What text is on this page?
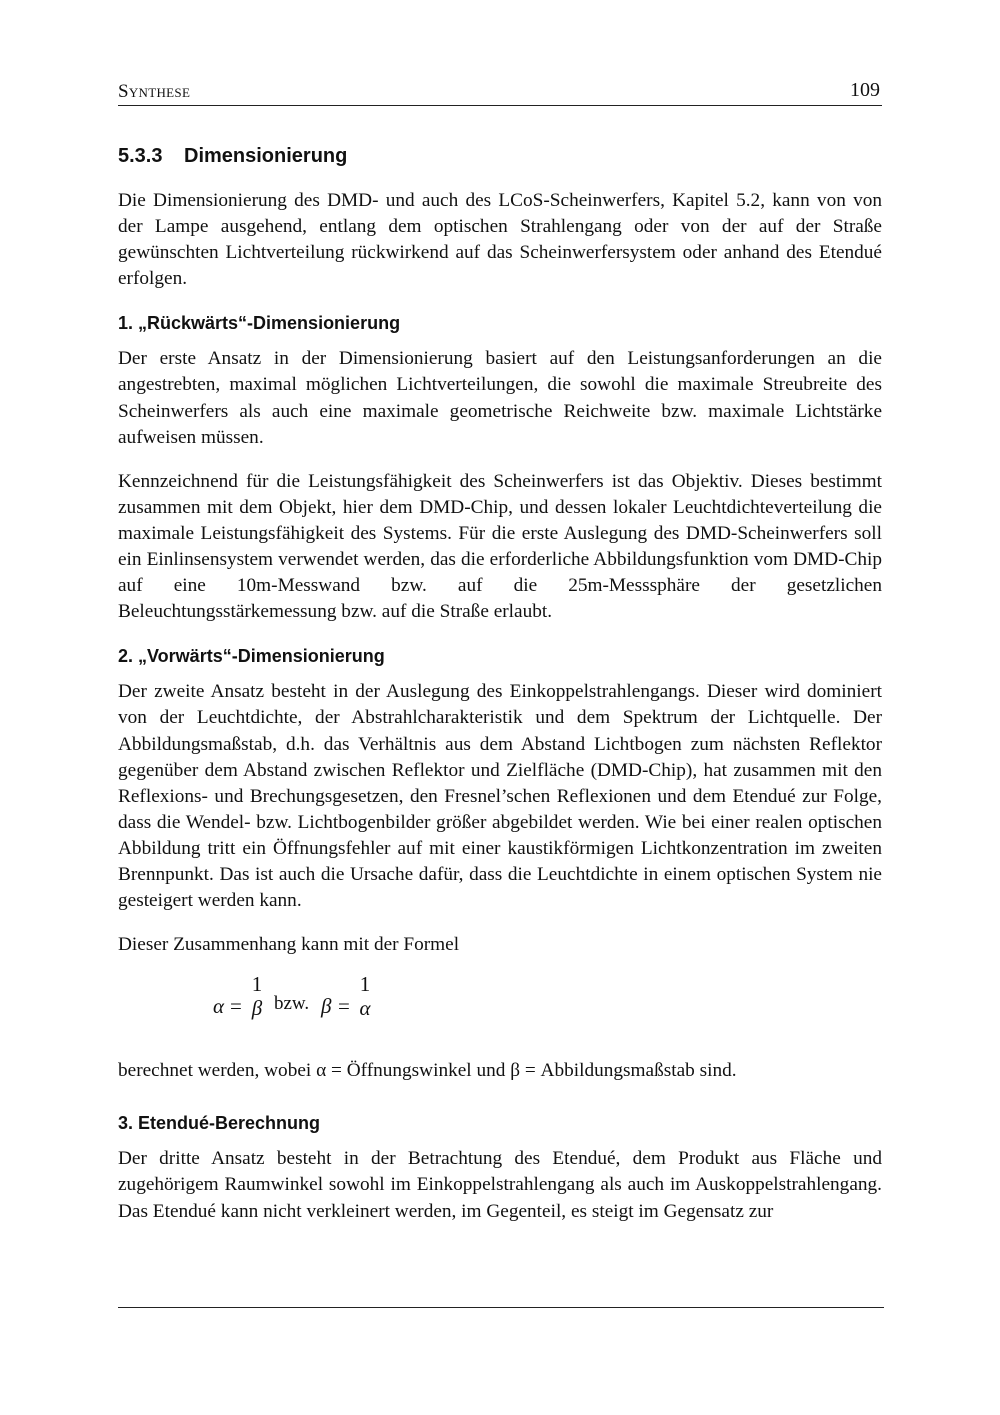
Synthese	109
5.3.3 Dimensionierung

Die Dimensionierung des DMD- und auch des LCoS-Scheinwerfers, Kapitel 5.2, kann von von der Lampe ausgehend, entlang dem optischen Strahlengang oder von der auf der Straße gewünschten Lichtverteilung rückwirkend auf das Scheinwerfersystem oder anhand des Etendué erfolgen.

1. „Rückwärts“-Dimensionierung

Der erste Ansatz in der Dimensionierung basiert auf den Leistungsanforderungen an die angestrebten, maximal möglichen Lichtverteilungen, die sowohl die maximale Streubreite des Scheinwerfers als auch eine maximale geometrische Reichweite bzw. maximale Lichtstärke aufweisen müssen.

Kennzeichnend für die Leistungsfähigkeit des Scheinwerfers ist das Objektiv. Dieses bestimmt zusammen mit dem Objekt, hier dem DMD-Chip, und dessen lokaler Leuchtdichteverteilung die maximale Leistungsfähigkeit des Systems. Für die erste Auslegung des DMD-Scheinwerfers soll ein Einlinsensystem verwendet werden, das die erforderliche Abbildungsfunktion vom DMD-Chip auf eine 10m-Messwand bzw. auf die 25m-Messsphäre der gesetzlichen Beleuchtungsstärkemessung bzw. auf die Straße erlaubt.

2. „Vorwärts“-Dimensionierung

Der zweite Ansatz besteht in der Auslegung des Einkoppelstrahlengangs. Dieser wird dominiert von der Leuchtdichte, der Abstrahlcharakteristik und dem Spektrum der Lichtquelle. Der Abbildungsmaßstab, d.h. das Verhältnis aus dem Abstand Lichtbogen zum nächsten Reflektor gegenüber dem Abstand zwischen Reflektor und Zielfläche (DMD-Chip), hat zusammen mit den Reflexions- und Brechungsgesetzen, den Fresnel’schen Reflexionen und dem Etendué zur Folge, dass die Wendel- bzw. Lichtbogenbilder größer abgebildet werden. Wie bei einer realen optischen Abbildung tritt ein Öffnungsfehler auf mit einer kaustikförmigen Lichtkonzentration im zweiten Brennpunkt. Das ist auch die Ursache dafür, dass die Leuchtdichte in einem optischen System nie gesteigert werden kann.

Dieser Zusammenhang kann mit der Formel

α =
1
β bzw. β =
1
α

berechnet werden, wobei α = Öffnungswinkel und β = Abbildungsmaßstab sind.

3. Etendué-Berechnung

Der dritte Ansatz besteht in der Betrachtung des Etendué, dem Produkt aus Fläche und zugehörigem Raumwinkel sowohl im Einkoppelstrahlengang als auch im Auskoppelstrahlengang. Das Etendué kann nicht verkleinert werden, im Gegenteil, es steigt im Gegensatz zur
